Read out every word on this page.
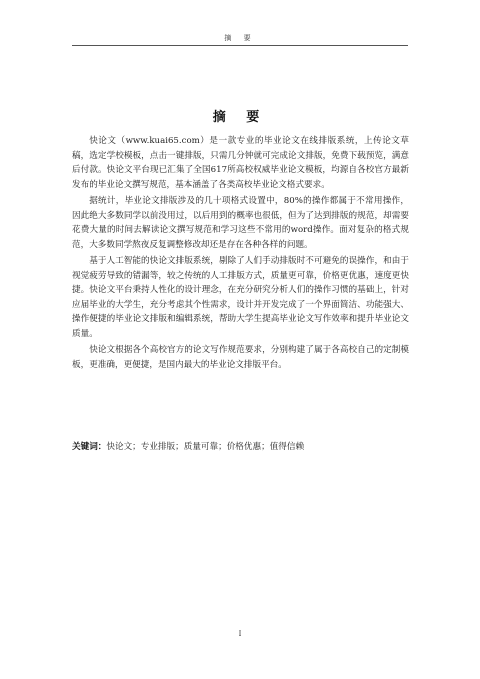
摘 要
摘 要

快论文（www.kuai65.com）是一款专业的毕业论文在线排版系统，上传论文草稿，选定学校模板，点击一键排版，只需几分钟就可完成论文排版，免费下载预览，满意后付款。快论文平台现已汇集了全国617所高校权威毕业论文模板，均源自各校官方最新发布的毕业论文撰写规范，基本涵盖了各类高校毕业论文格式要求。

据统计，毕业论文排版涉及的几十项格式设置中，80%的操作都属于不常用操作，因此绝大多数同学以前没用过，以后用到的概率也很低，但为了达到排版的规范，却需要花费大量的时间去解读论文撰写规范和学习这些不常用的word操作。面对复杂的格式规范，大多数同学熬夜反复调整修改却还是存在各种各样的问题。

基于人工智能的快论文排版系统，剔除了人们手动排版时不可避免的误操作，和由于视觉疲劳导致的错漏等，较之传统的人工排版方式，质量更可靠，价格更优惠，速度更快捷。快论文平台秉持人性化的设计理念，在充分研究分析人们的操作习惯的基础上，针对应届毕业的大学生，充分考虑其个性需求，设计并开发完成了一个界面简洁、功能强大、操作便捷的毕业论文排版和编辑系统，帮助大学生提高毕业论文写作效率和提升毕业论文质量。

快论文根据各个高校官方的论文写作规范要求，分别构建了属于各高校自己的定制模板，更准确，更便捷，是国内最大的毕业论文排版平台。

关键词：快论文；专业排版；质量可靠；价格优惠；值得信赖
I
